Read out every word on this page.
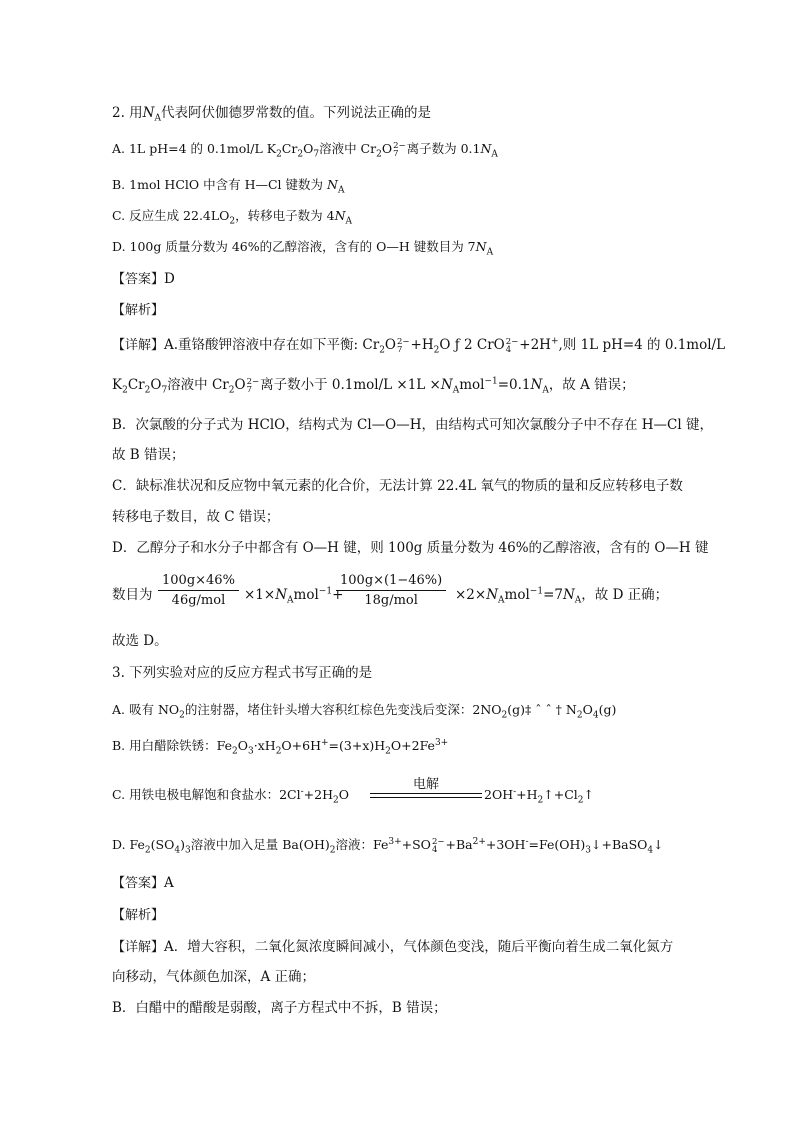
2. 用$N_A$代表阿伏伽德罗常数的值。下列说法正确的是
A. 1L pH=4 的 0.1mol/L $K_2Cr_2O_7$溶液中 $Cr_2O$ 2−
7 离子数为 $0.1N_A$
B. 1mol HClO 中含有 H—Cl 键数为 $N_A$
C. 反应生成 $22.4LO_2$，转移电子数为 $4N_A$
D. 100g 质量分数为 46%的乙醇溶液，含有的 O—H 键数目为 $7N_A$
【答案】D
【解析】
【详解】A.重铬酸钾溶液中存在如下平衡: $Cr_2O$ 2−
$7 +H_2O$ ƒ 2 CrO 2−
4 +2H+,则 1L pH=4 的 0.1mol/L
$K_2Cr_2O_7$溶液中 $Cr_2O$ 2−
7 离子数小于 $0.1mol/L \times 1L \times N_Amol^{-1}=0.1N_A$，故 A 错误；
B．次氯酸的分子式为 HClO，结构式为 Cl—O—H，由结构式可知次氯酸分子中不存在 H—Cl 键，
故 B 错误；
C．缺标准状况和反应物中氧元素的化合价，无法计算 22.4L 氧气的物质的量和反应转移电子数
转移电子数目，故 C 错误；
D．乙醇分子和水分子中都含有 O—H 键，则 100g 质量分数为 46%的乙醇溶液，含有的 O—H 键
数目为
100g×46%
46g/mol	$\times 1\times N_Amol^{-1}+$
100g×(1−46%)
18g/mol	$\times 2\times N_Amol^{-1}=7N_A$，故 D 正确；
故选 D。
3. 下列实验对应的反应方程式书写正确的是
A. 吸有 $NO_2$的注射器，堵住针头增大容积红棕色先变浅后变深：$2NO_2(g)\ddagger$ ˆ ˆ † $N_2O_4(g)$
B. 用白醋除铁锈：$Fe_2O_3\cdot xH_2O+6H^+=(3+x)H_2O+2Fe^{3+}$
C. 用铁电极电解饱和食盐水：$2Cl^-+2H_2O$
电解
$2OH^-+H_2↑+Cl_2↑$
D. $Fe_2(SO_4)_3$溶液中加入足量 $Ba(OH)_2$溶液：$Fe^{3+}+SO$ 2−
$4 +Ba^{2+}+3OH^-=Fe(OH)_3↓+BaSO_4↓$
【答案】A
【解析】
【详解】A．增大容积，二氧化氮浓度瞬间减小，气体颜色变浅，随后平衡向着生成二氧化氮方
向移动，气体颜色加深，A 正确；
B．白醋中的醋酸是弱酸，离子方程式中不拆，B 错误；
